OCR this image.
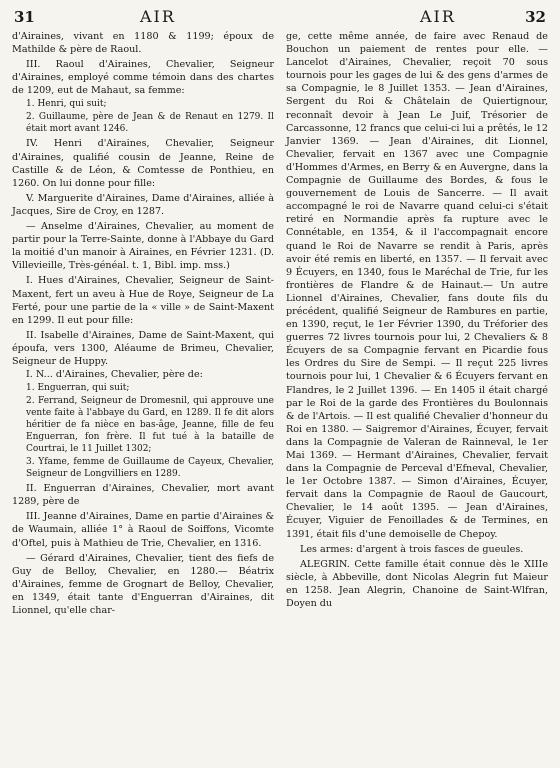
31	AIR	AIR	32

d'Airaines, vivant en 1180 & 1199; époux de Mathilde & père de Raoul.

III. Raoul d'Airaines, Chevalier, Seigneur d'Airaines, employé comme témoin dans des chartes de 1209, eut de Mahaut, sa femme:

1. Henri, qui suit;
2. Guillaume, père de Jean & de Renaut en 1279. Il était mort avant 1246.

IV. Henri d'Airaines, Chevalier, Seigneur d'Airaines, qualifié cousin de Jeanne, Reine de Castille & de Léon, & Comtesse de Ponthieu, en 1260. On lui donne pour fille:

V. Marguerite d'Airaines, Dame d'Airaines, alliée à Jacques, Sire de Croy, en 1287.

— Anselme d'Airaines, Chevalier, au moment de partir pour la Terre-Sainte, donne à l'Abbaye du Gard la moitié d'un manoir à Airaines, en Février 1231. (D. Villevieille, Très-généal. t. 1, Bibl. imp. mss.)

I. Hues d'Airaines, Chevalier, Seigneur de Saint-Maxent, fert un aveu à Hue de Roye, Seigneur de La Ferté, pour une partie de la « ville » de Saint-Maxent en 1299. Il eut pour fille:

II. Isabelle d'Airaines, Dame de Saint-Maxent, qui époufa, vers 1300, Aléaume de Brimeu, Chevalier, Seigneur de Huppy.

I. N... d'Airaines, Chevalier, père de:

1. Enguerran, qui suit;
2. Ferrand, Seigneur de Dromesnil, qui approuve une vente faite à l'abbaye du Gard, en 1289. Il fe dit alors héritier de fa nièce en bas-âge, Jeanne, fille de feu Enguerran, fon frère. Il fut tué à la bataille de Courtrai, le 11 Juillet 1302;
3. Yfame, femme de Guillaume de Cayeux, Chevalier, Seigneur de Longvilliers en 1289.

II. Enguerran d'Airaines, Chevalier, mort avant 1289, père de

III. Jeanne d'Airaines, Dame en partie d'Airaines & de Waumain, alliée 1° à Raoul de Soiffons, Vicomte d'Oftel, puis à Mathieu de Trie, Chevalier, en 1316.

— Gérard d'Airaines, Chevalier, tient des fiefs de Guy de Belloy, Chevalier, en 1280.— Béatrix d'Airaines, femme de Grognart de Belloy, Chevalier, en 1349, était tante d'Enguerran d'Airaines, dit Lionnel, qu'elle char-

ge, cette même année, de faire avec Renaud de Bouchon un paiement de rentes pour elle. — Lancelot d'Airaines, Chevalier, reçoit 70 sous tournois pour les gages de lui & des gens d'armes de sa Compagnie, le 8 Juillet 1353. — Jean d'Airaines, Sergent du Roi & Châtelain de Quiertignour, reconnaît devoir à Jean Le Juif, Trésorier de Carcassonne, 12 francs que celui-ci lui a prêtés, le 12 Janvier 1369. — Jean d'Airaines, dit Lionnel, Chevalier, fervait en 1367 avec une Compagnie d'Hommes d'Armes, en Berry & en Auvergne, dans la Compagnie de Guillaume des Bordes, & fous le gouvernement de Louis de Sancerre. — Il avait accompagné le roi de Navarre quand celui-ci s'était retiré en Normandie après fa rupture avec le Connétable, en 1354, & il l'accompagnait encore quand le Roi de Navarre se rendit à Paris, après avoir été remis en liberté, en 1357. — Il fervait avec 9 Écuyers, en 1340, fous le Maréchal de Trie, fur les frontières de Flandre & de Hainaut.— Un autre Lionnel d'Airaines, Chevalier, fans doute fils du précédent, qualifié Seigneur de Rambures en partie, en 1390, reçut, le 1er Février 1390, du Tréforier des guerres 72 livres tournois pour lui, 2 Chevaliers & 8 Écuyers de sa Compagnie fervant en Picardie fous les Ordres du Sire de Sempi. — Il reçut 225 livres tournois pour lui, 1 Chevalier & 6 Écuyers fervant en Flandres, le 2 Juillet 1396. — En 1405 il était chargé par le Roi de la garde des Frontières du Boulonnais & de l'Artois. — Il est qualifié Chevalier d'honneur du Roi en 1380. — Saigremor d'Airaines, Écuyer, fervait dans la Compagnie de Valeran de Rainneval, le 1er Mai 1369. — Hermant d'Airaines, Chevalier, fervait dans la Compagnie de Perceval d'Efneval, Chevalier, le 1er Octobre 1387. — Simon d'Airaines, Écuyer, fervait dans la Compagnie de Raoul de Gaucourt, Chevalier, le 14 août 1395. — Jean d'Airaines, Écuyer, Viguier de Fenoillades & de Termines, en 1391, était fils d'une demoiselle de Chepoy.

Les armes: d'argent à trois fasces de gueules.

ALEGRIN. Cette famille était connue dès le XIIIe siècle, à Abbeville, dont Nicolas Alegrin fut Maieur en 1258. Jean Alegrin, Chanoine de Saint-Wlfran, Doyen du
